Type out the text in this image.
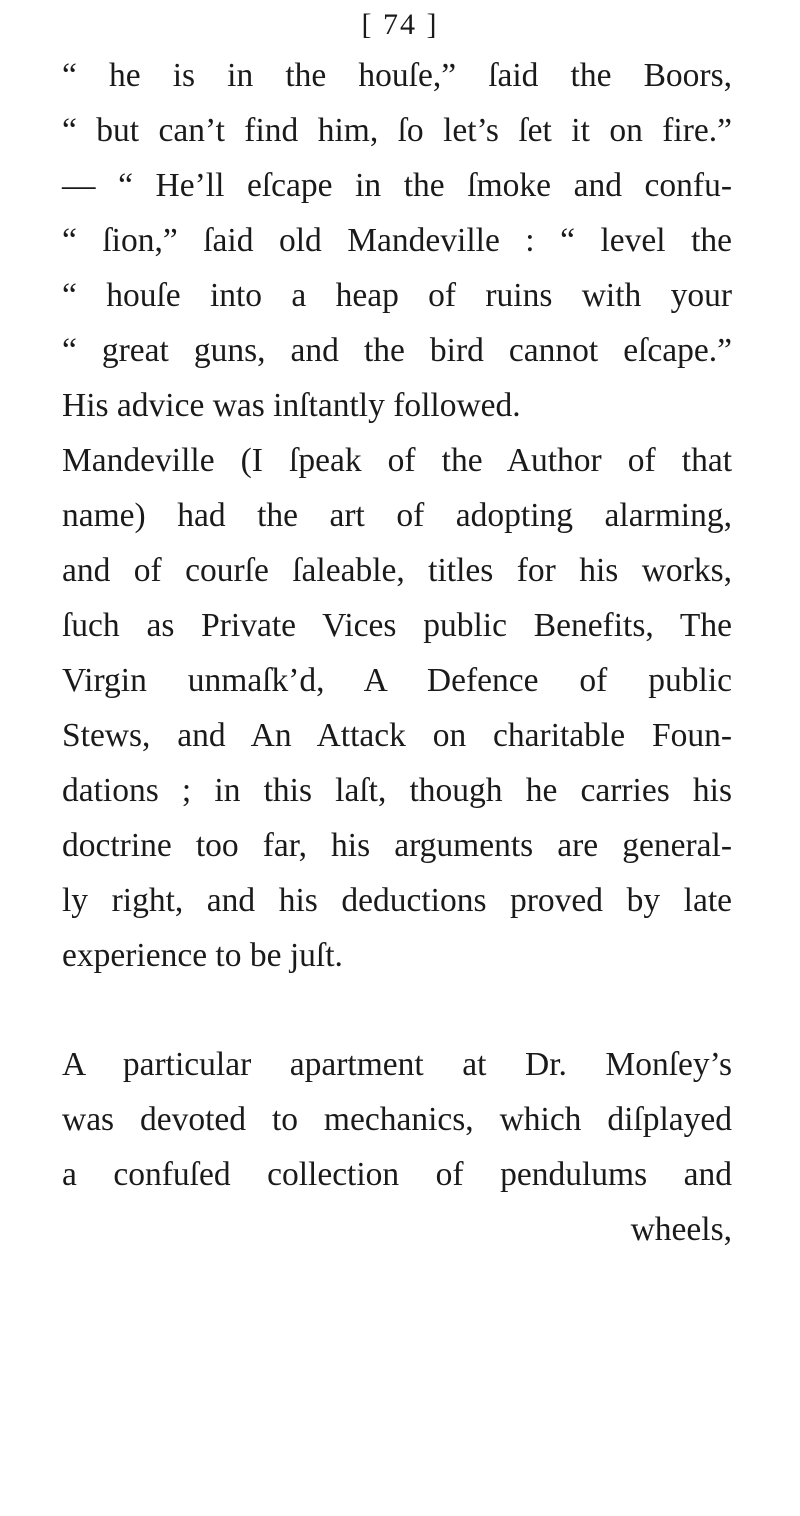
[ 74 ]
“ he is in the houſe,” ſaid the Boors,
“ but can’t find him, ſo let’s ſet it on fire.”
— “ He’ll eſcape in the ſmoke and confu-
“ ſion,” ſaid old Mandeville : “ level the
“ houſe into a heap of ruins with your
“ great guns, and the bird cannot eſcape.”
His advice was inſtantly followed.
Mandeville (I ſpeak of the Author of that
name) had the art of adopting alarming,
and of courſe ſaleable, titles for his works,
ſuch as Private Vices public Benefits, The
Virgin unmaſk’d, A Defence of public
Stews, and An Attack on charitable Foun-
dations ; in this laſt, though he carries his
doctrine too far, his arguments are general-
ly right, and his deductions proved by late
experience to be juſt.
A particular apartment at Dr. Monſey’s
was devoted to mechanics, which diſplayed
a confuſed collection of pendulums and
wheels,
